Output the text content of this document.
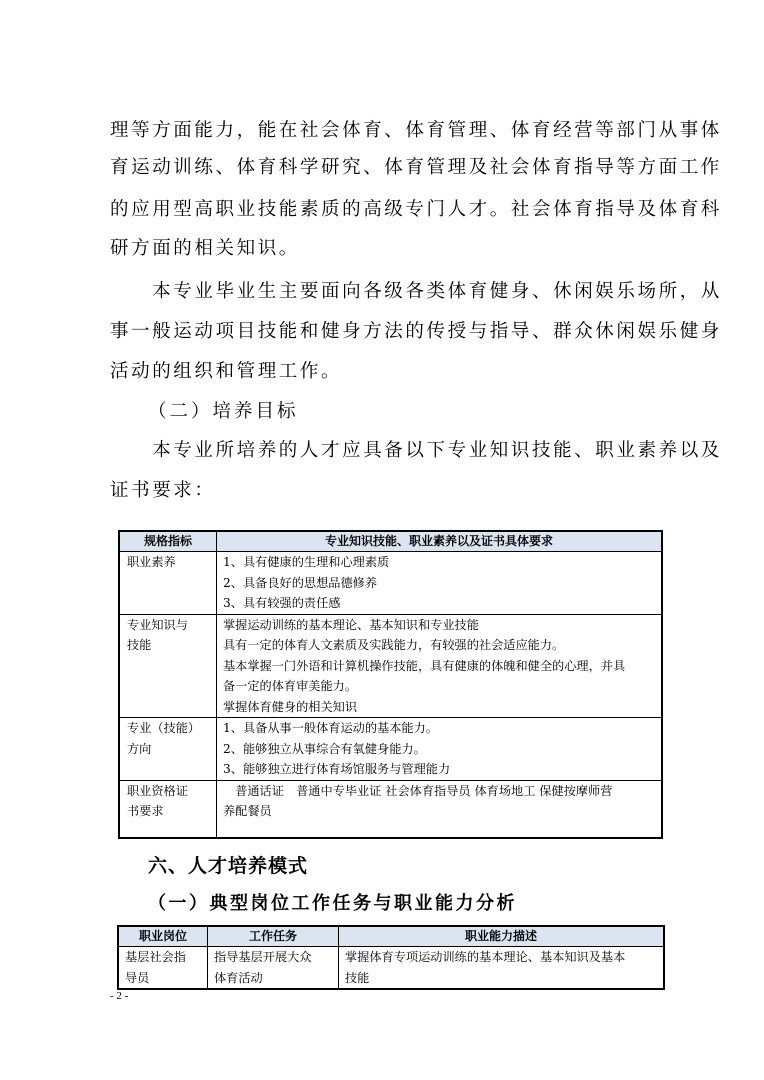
理等方面能力，能在社会体育、体育管理、体育经营等部门从事体
育运动训练、体育科学研究、体育管理及社会体育指导等方面工作
的应用型高职业技能素质的高级专门人才。社会体育指导及体育科
研方面的相关知识。
　　本专业毕业生主要面向各级各类体育健身、休闲娱乐场所，从
事一般运动项目技能和健身方法的传授与指导、群众休闲娱乐健身
活动的组织和管理工作。
（二）培养目标
　　本专业所培养的人才应具备以下专业知识技能、职业素养以及
证书要求：
规格指标	专业知识技能、职业素养以及证书具体要求

职业素养	1、具有健康的生理和心理素质
2、具备良好的思想品德修养
3、具有较强的责任感

专业知识与
技能	掌握运动训练的基本理论、基本知识和专业技能
具有一定的体育人文素质及实践能力，有较强的社会适应能力。
基本掌握一门外语和计算机操作技能，具有健康的体魄和健全的心理，并具
备一定的体育审美能力。
掌握体育健身的相关知识

专业（技能）
方向	1、具备从事一般体育运动的基本能力。
2、能够独立从事综合有氧健身能力。
3、能够独立进行体育场馆服务与管理能力

职业资格证
书要求	　普通话证　普通中专毕业证 社会体育指导员 体育场地工 保健按摩师营
养配餐员
六、人才培养模式
（一）典型岗位工作任务与职业能力分析
职业岗位	工作任务	职业能力描述

基层社会指
导员	指导基层开展大众
体育活动	掌握体育专项运动训练的基本理论、基本知识及基本
技能
- 2 -
